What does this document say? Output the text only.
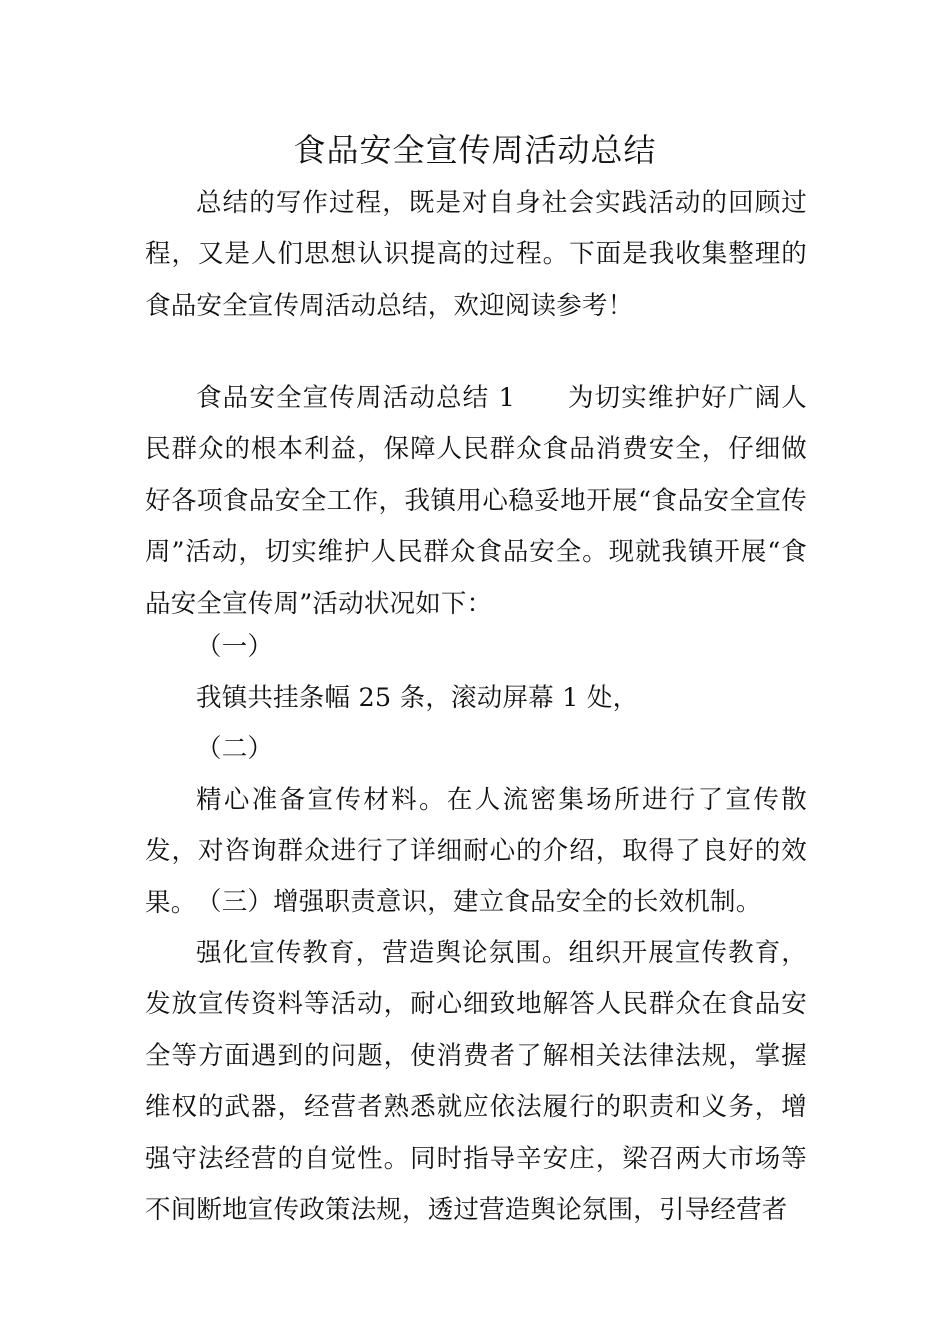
食品安全宣传周活动总结

总结的写作过程，既是对自身社会实践活动的回顾过程，又是人们思想认识提高的过程。下面是我收集整理的食品安全宣传周活动总结，欢迎阅读参考！

食品安全宣传周活动总结 1 为切实维护好广阔人民群众的根本利益，保障人民群众食品消费安全，仔细做好各项食品安全工作，我镇用心稳妥地开展“食品安全宣传周”活动，切实维护人民群众食品安全。现就我镇开展“食品安全宣传周”活动状况如下：

（一）

我镇共挂条幅 25 条，滚动屏幕 1 处，

（二）

精心准备宣传材料。在人流密集场所进行了宣传散发，对咨询群众进行了详细耐心的介绍，取得了良好的效果。 （三）增强职责意识，建立食品安全的长效机制。

强化宣传教育，营造舆论氛围。组织开展宣传教育，发放宣传资料等活动，耐心细致地解答人民群众在食品安全等方面遇到的问题，使消费者了解相关法律法规，掌握维权的武器，经营者熟悉就应依法履行的职责和义务，增强守法经营的自觉性。同时指导辛安庄，梁召两大市场等不间断地宣传政策法规，透过营造舆论氛围，引导经营者
